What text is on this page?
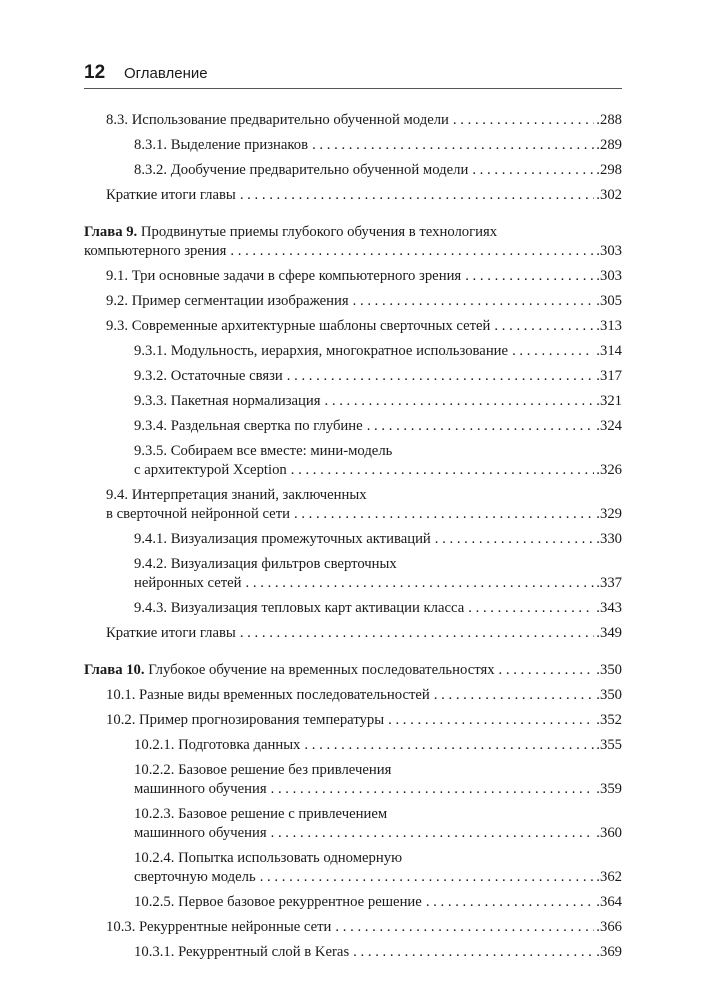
12 Оглавление
8.3. Использование предварительно обученной модели . . .	.288
8.3.1. Выделение признаков . . .	.289
8.3.2. Дообучение предварительно обученной модели . . .	.298
Краткие итоги главы . . .	.302
Глава 9. Продвинутые приемы глубокого обучения в технологиях
компьютерного зрения . . .	.303
9.1. Три основные задачи в сфере компьютерного зрения . . .	.303
9.2. Пример сегментации изображения . . .	.305
9.3. Современные архитектурные шаблоны сверточных сетей . . .	.313
9.3.1. Модульность, иерархия, многократное использование . . .	.314
9.3.2. Остаточные связи . . .	.317
9.3.3. Пакетная нормализация . . .	.321
9.3.4. Раздельная свертка по глубине . . .	.324
9.3.5. Собираем все вместе: мини-модель
с архитектурой Xception . . .	.326
9.4. Интерпретация знаний, заключенных
в сверточной нейронной сети . . .	.329
9.4.1. Визуализация промежуточных активаций . . .	.330
9.4.2. Визуализация фильтров сверточных
нейронных сетей . . .	.337
9.4.3. Визуализация тепловых карт активации класса . . .	.343
Краткие итоги главы . . .	.349
Глава 10. Глубокое обучение на временных последовательностях . . .	.350
10.1. Разные виды временных последовательностей . . .	.350
10.2. Пример прогнозирования температуры . . .	.352
10.2.1. Подготовка данных . . .	.355
10.2.2. Базовое решение без привлечения
машинного обучения . . .	.359
10.2.3. Базовое решение с привлечением
машинного обучения . . .	.360
10.2.4. Попытка использовать одномерную
сверточную модель . . .	.362
10.2.5. Первое базовое рекуррентное решение . . .	.364
10.3. Рекуррентные нейронные сети . . .	.366
10.3.1. Рекуррентный слой в Keras . . .	.369
